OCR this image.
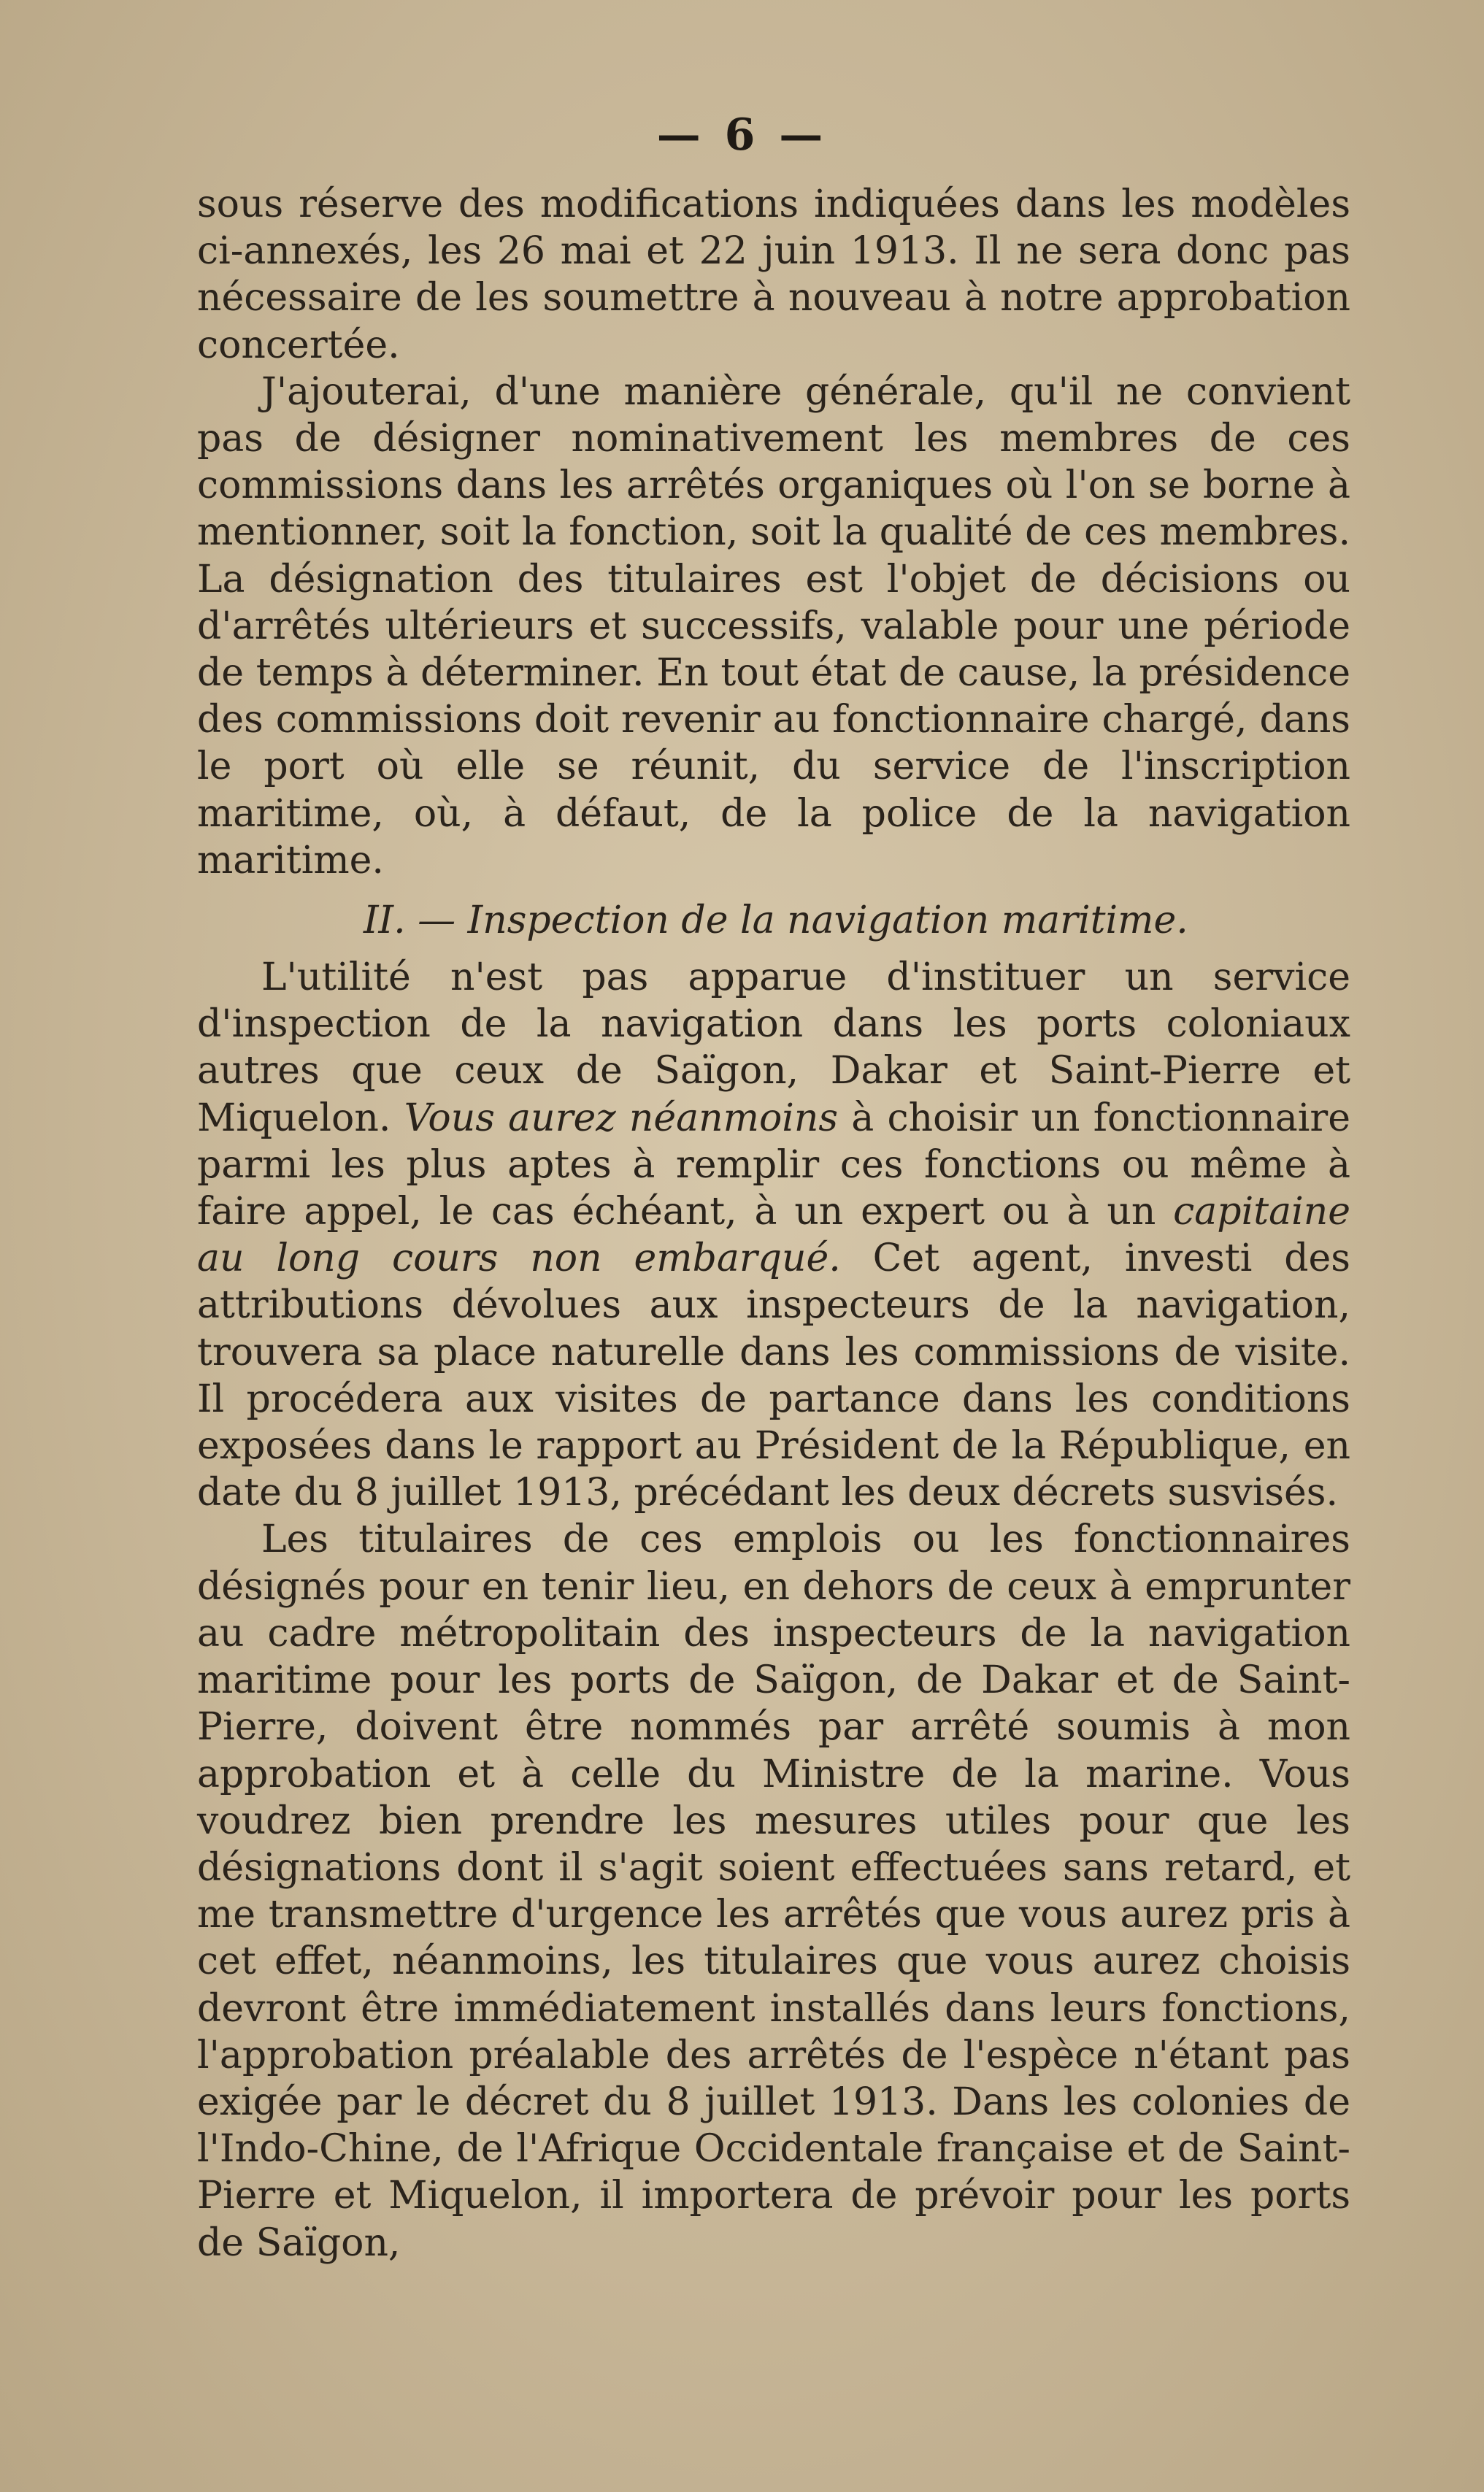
— 6 —

sous réserve des modifications indiquées dans les modèles ci-annexés, les 26 mai et 22 juin 1913. Il ne sera donc pas nécessaire de les soumettre à nouveau à notre approbation concertée.

J'ajouterai, d'une manière générale, qu'il ne convient pas de désigner nominativement les membres de ces commissions dans les arrêtés organiques où l'on se borne à mentionner, soit la fonction, soit la qualité de ces membres. La désignation des titulaires est l'objet de décisions ou d'arrêtés ultérieurs et successifs, valable pour une période de temps à déterminer. En tout état de cause, la présidence des commissions doit revenir au fonctionnaire chargé, dans le port où elle se réunit, du service de l'inscription maritime, où, à défaut, de la police de la navigation maritime.

II. — Inspection de la navigation maritime.

L'utilité n'est pas apparue d'instituer un service d'inspection de la navigation dans les ports coloniaux autres que ceux de Saïgon, Dakar et Saint-Pierre et Miquelon. Vous aurez néanmoins à choisir un fonctionnaire parmi les plus aptes à remplir ces fonctions ou même à faire appel, le cas échéant, à un expert ou à un capitaine au long cours non embarqué. Cet agent, investi des attributions dévolues aux inspecteurs de la navigation, trouvera sa place naturelle dans les commissions de visite. Il procédera aux visites de partance dans les conditions exposées dans le rapport au Président de la République, en date du 8 juillet 1913, précédant les deux décrets susvisés.

Les titulaires de ces emplois ou les fonctionnaires désignés pour en tenir lieu, en dehors de ceux à emprunter au cadre métropolitain des inspecteurs de la navigation maritime pour les ports de Saïgon, de Dakar et de Saint-Pierre, doivent être nommés par arrêté soumis à mon approbation et à celle du Ministre de la marine. Vous voudrez bien prendre les mesures utiles pour que les désignations dont il s'agit soient effectuées sans retard, et me transmettre d'urgence les arrêtés que vous aurez pris à cet effet, néanmoins, les titulaires que vous aurez choisis devront être immédiatement installés dans leurs fonctions, l'approbation préalable des arrêtés de l'espèce n'étant pas exigée par le décret du 8 juillet 1913. Dans les colonies de l'Indo-Chine, de l'Afrique Occidentale française et de Saint-Pierre et Miquelon, il importera de prévoir pour les ports de Saïgon,
